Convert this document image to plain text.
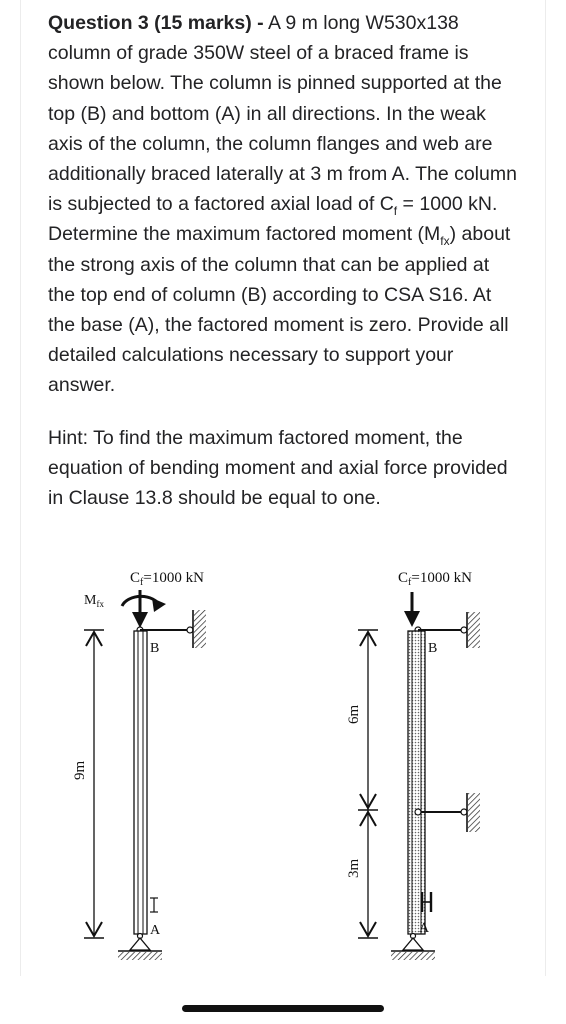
Question 3 (15 marks) - A 9 m long W530x138 column of grade 350W steel of a braced frame is shown below. The column is pinned supported at the top (B) and bottom (A) in all directions. In the weak axis of the column, the column flanges and web are additionally braced laterally at 3 m from A. The column is subjected to a factored axial load of $C_f = 1000$ kN. Determine the maximum factored moment $(M_{fx})$ about the strong axis of the column that can be applied at the top end of column (B) according to CSA S16. At the base (A), the factored moment is zero. Provide all detailed calculations necessary to support your answer.

Hint: To find the maximum factored moment, the equation of bending moment and axial force provided in Clause 13.8 should be equal to one.

$C_f=1000$ kN
$M_{fx}$
B
A
9m
$C_f=1000$ kN
B
A
6m
3m
